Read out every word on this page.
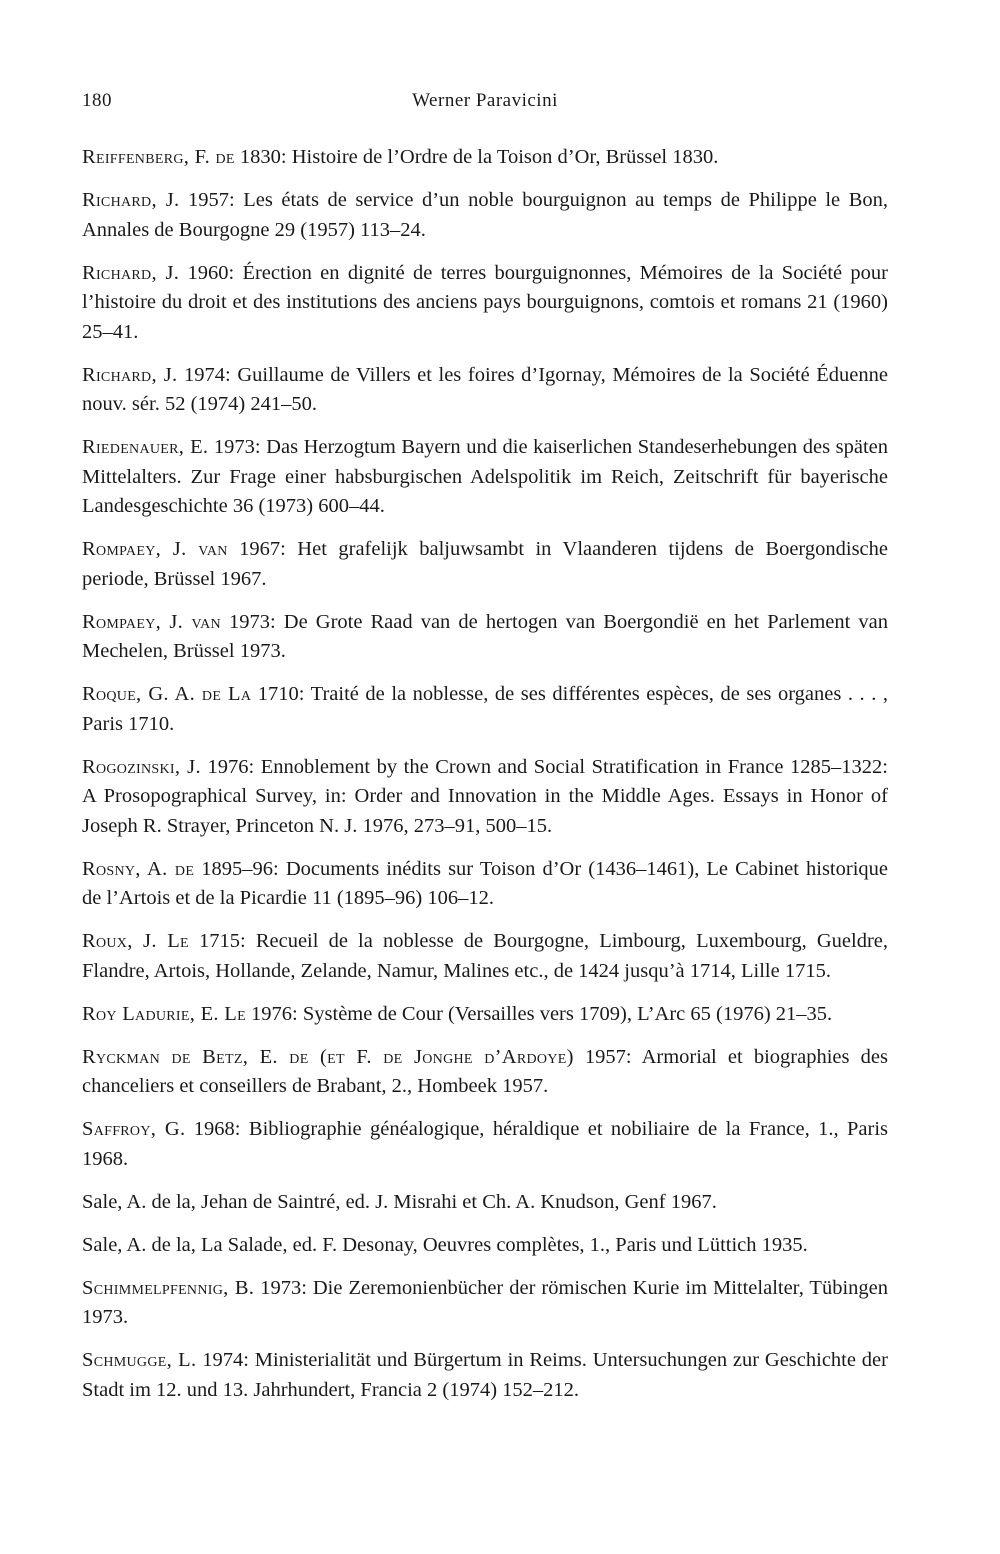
180	Werner Paravicini

Reiffenberg, F. de 1830: Histoire de l’Ordre de la Toison d’Or, Brüssel 1830.

Richard, J. 1957: Les états de service d’un noble bourguignon au temps de Philippe le Bon, Annales de Bourgogne 29 (1957) 113–24.

Richard, J. 1960: Érection en dignité de terres bourguignonnes, Mémoires de la Société pour l’histoire du droit et des institutions des anciens pays bourguignons, comtois et romans 21 (1960) 25–41.

Richard, J. 1974: Guillaume de Villers et les foires d’Igornay, Mémoires de la Société Éduenne nouv. sér. 52 (1974) 241–50.

Riedenauer, E. 1973: Das Herzogtum Bayern und die kaiserlichen Standeserhebungen des späten Mittelalters. Zur Frage einer habsburgischen Adelspolitik im Reich, Zeitschrift für bayerische Landesgeschichte 36 (1973) 600–44.

Rompaey, J. van 1967: Het grafelijk baljuwsambt in Vlaanderen tijdens de Boergondische periode, Brüssel 1967.

Rompaey, J. van 1973: De Grote Raad van de hertogen van Boergondië en het Parlement van Mechelen, Brüssel 1973.

Roque, G. A. de La 1710: Traité de la noblesse, de ses différentes espèces, de ses organes . . . , Paris 1710.

Rogozinski, J. 1976: Ennoblement by the Crown and Social Stratification in France 1285–1322: A Prosopographical Survey, in: Order and Innovation in the Middle Ages. Essays in Honor of Joseph R. Strayer, Princeton N. J. 1976, 273–91, 500–15.

Rosny, A. de 1895–96: Documents inédits sur Toison d’Or (1436–1461), Le Cabinet historique de l’Artois et de la Picardie 11 (1895–96) 106–12.

Roux, J. Le 1715: Recueil de la noblesse de Bourgogne, Limbourg, Luxembourg, Gueldre, Flandre, Artois, Hollande, Zelande, Namur, Malines etc., de 1424 jusqu’à 1714, Lille 1715.

Roy Ladurie, E. Le 1976: Système de Cour (Versailles vers 1709), L’Arc 65 (1976) 21–35.

Ryckman de Betz, E. de (et F. de Jonghe d’Ardoye) 1957: Armorial et biographies des chanceliers et conseillers de Brabant, 2., Hombeek 1957.

Saffroy, G. 1968: Bibliographie généalogique, héraldique et nobiliaire de la France, 1., Paris 1968.

Sale, A. de la, Jehan de Saintré, ed. J. Misrahi et Ch. A. Knudson, Genf 1967.

Sale, A. de la, La Salade, ed. F. Desonay, Oeuvres complètes, 1., Paris und Lüttich 1935.

Schimmelpfennig, B. 1973: Die Zeremonienbücher der römischen Kurie im Mittelalter, Tübingen 1973.

Schmugge, L. 1974: Ministerialität und Bürgertum in Reims. Untersuchungen zur Geschichte der Stadt im 12. und 13. Jahrhundert, Francia 2 (1974) 152–212.
